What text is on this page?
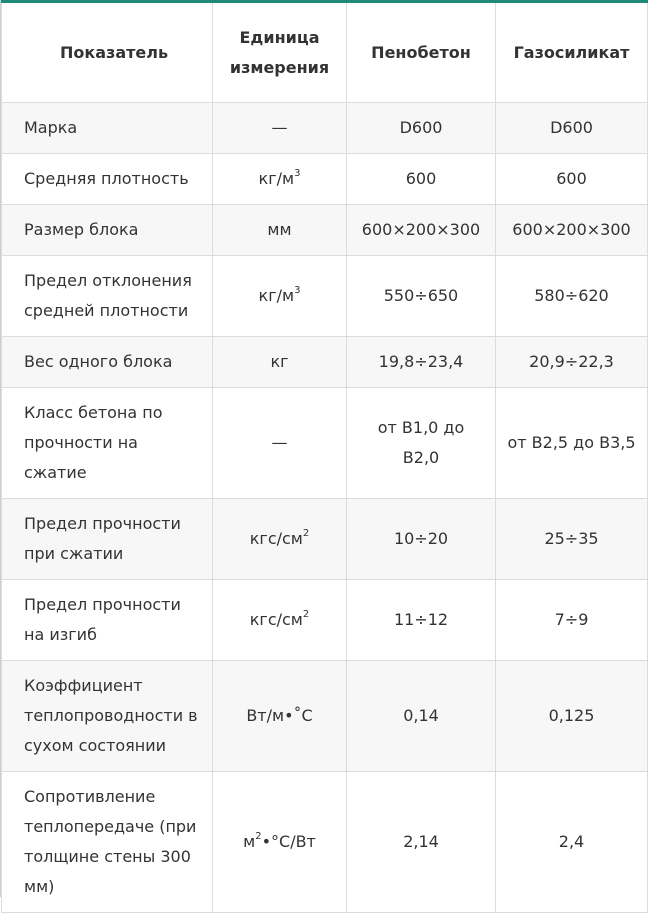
Показатель	Единица измерения	Пенобетон	Газосиликат
Марка	—	D600	D600
Средняя плотность	$кг/м^3$	600	600
Размер блока	мм	600×200×300	600×200×300
Предел отклонения средней плотности	$кг/м^3$	550÷650	580÷620
Вес одного блока	кг	19,8÷23,4	20,9÷22,3
Класс бетона по прочности на сжатие	—	от B1,0 до B2,0	от B2,5 до B3,5
Предел прочности при сжатии	кгс/$см^2$	10÷20	25÷35
Предел прочности на изгиб	кгс/$см^2$	11÷12	7÷9
Коэффициент теплопроводности в сухом состоянии	Вт/м•˚С	0,14	0,125
Сопротивление теплопередаче (при толщине стены 300 мм)	$м^2•^\circ С/Вт$	2,14	2,4
